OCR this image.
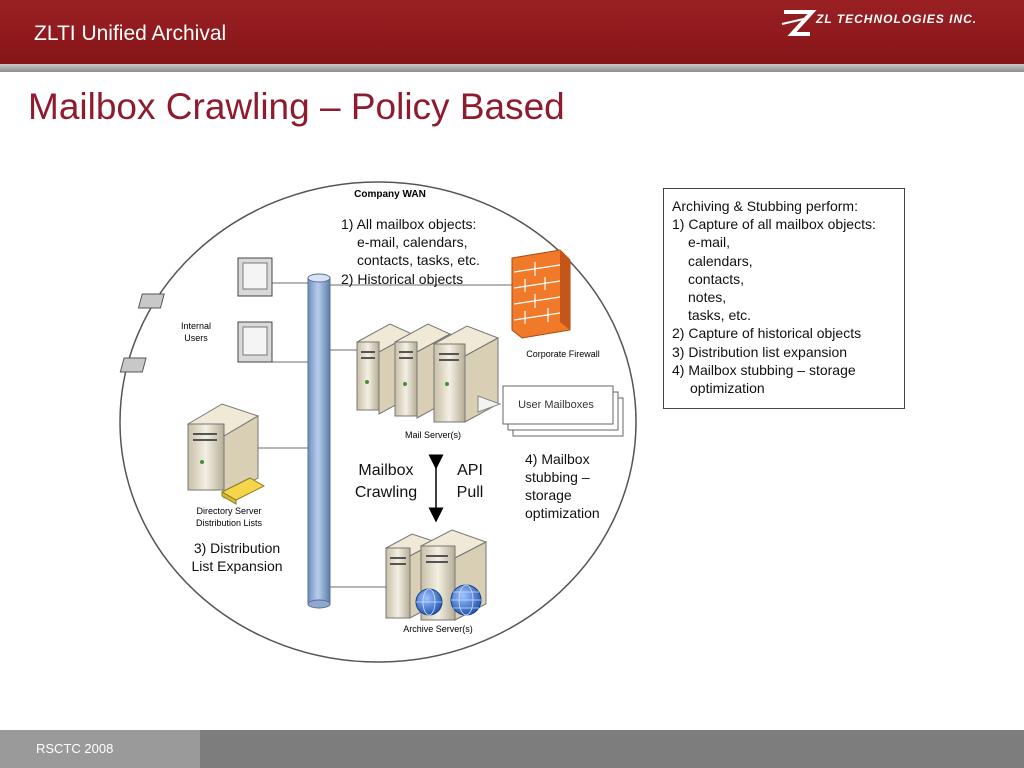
ZLTI Unified Archival
ZL TECHNOLOGIES INC.
Mailbox Crawling – Policy Based
Company WAN
1) All mailbox objects:
e-mail, calendars,
contacts, tasks, etc.
2) Historical objects
Internal
Users
Corporate Firewall
Mail Server(s)
User Mailboxes
Mailbox
Crawling
API
Pull
4) Mailbox
stubbing –
storage
optimization
Directory Server
Distribution Lists
3) Distribution
List Expansion
Archive Server(s)
Archiving & Stubbing perform:
1) Capture of all mailbox objects:
e-mail,
calendars,
contacts,
notes,
tasks, etc.
2) Capture of historical objects
3) Distribution list expansion
4) Mailbox stubbing – storage
optimization
RSCTC 2008
